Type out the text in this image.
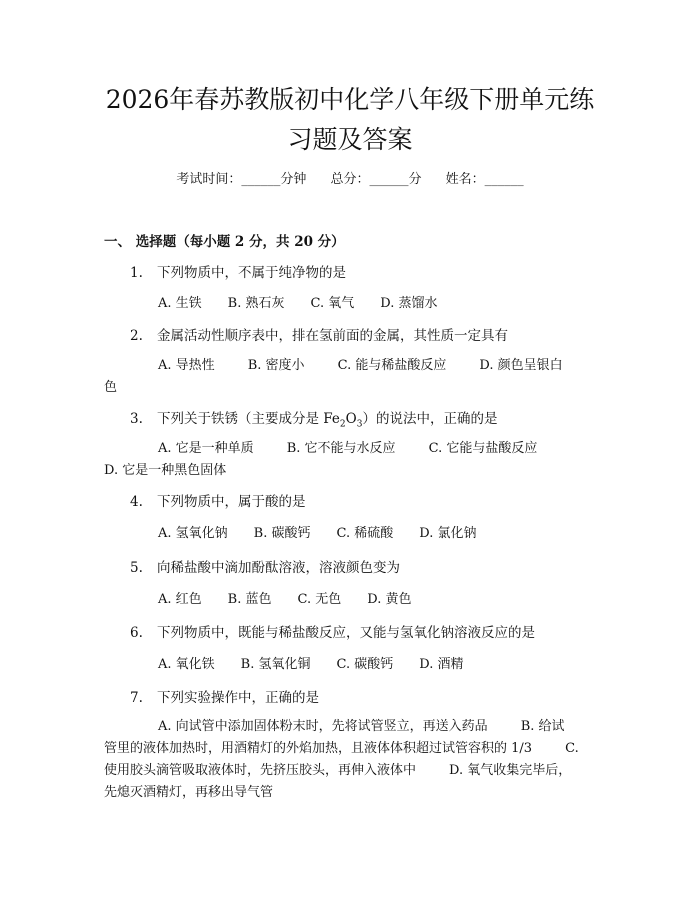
2026年春苏教版初中化学八年级下册单元练
习题及答案
考试时间：______分钟 总分：______分 姓名：______
一、 选择题（每小题 2 分，共 20 分）
1. 下列物质中，不属于纯净物的是
A. 生铁 B. 熟石灰 C. 氧气 D. 蒸馏水
2. 金属活动性顺序表中，排在氢前面的金属，其性质一定具有
A. 导热性        B. 密度小        C. 能与稀盐酸反应        D. 颜色呈银白
色
3. 下列关于铁锈（主要成分是 $Fe_2O_3$）的说法中，正确的是
A. 它是一种单质        B. 它不能与水反应        C. 它能与盐酸反应
D. 它是一种黑色固体
4. 下列物质中，属于酸的是
A. 氢氧化钠 B. 碳酸钙 C. 稀硫酸 D. 氯化钠
5. 向稀盐酸中滴加酚酞溶液，溶液颜色变为
A. 红色 B. 蓝色 C. 无色 D. 黄色
6. 下列物质中，既能与稀盐酸反应，又能与氢氧化钠溶液反应的是
A. 氧化铁 B. 氢氧化铜 C. 碳酸钙 D. 酒精
7. 下列实验操作中，正确的是
A. 向试管中添加固体粉末时，先将试管竖立，再送入药品        B. 给试
管里的液体加热时，用酒精灯的外焰加热，且液体体积超过试管容积的 1/3        C.
使用胶头滴管吸取液体时，先挤压胶头，再伸入液体中        D. 氧气收集完毕后，
先熄灭酒精灯，再移出导气管
